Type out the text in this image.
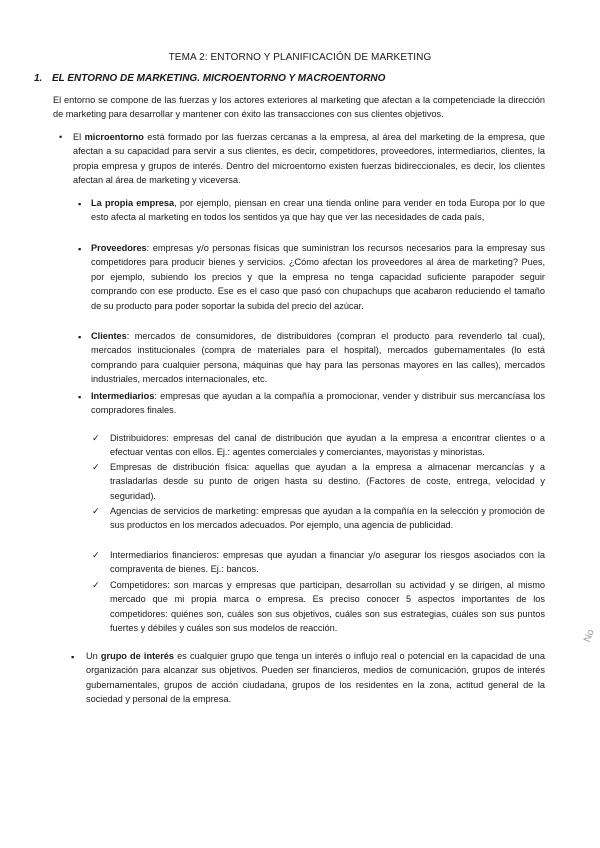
TEMA 2: ENTORNO Y PLANIFICACIÓN DE MARKETING
1. EL ENTORNO DE MARKETING. MICROENTORNO Y MACROENTORNO

El entorno se compone de las fuerzas y los actores exteriores al marketing que afectan a la competenciade la dirección de marketing para desarrollar y mantener con éxito las transacciones con sus clientes objetivos.

• El microentorno está formado por las fuerzas cercanas a la empresa, al área del marketing de la empresa, que afectan a su capacidad para servir a sus clientes, es decir, competidores, proveedores, intermediarios, clientes, la propia empresa y grupos de interés. Dentro del microentorno existen fuerzas bidireccionales, es decir, los clientes afectan al área de marketing y viceversa.

▪ La propia empresa, por ejemplo, piensan en crear una tienda online para vender en toda Europa por lo que esto afecta al marketing en todos los sentidos ya que hay que ver las necesidades de cada país,

▪ Proveedores: empresas y/o personas físicas que suministran los recursos necesarios para la empresay sus competidores para producir bienes y servicios. ¿Cómo afectan los proveedores al área de marketing? Pues, por ejemplo, subiendo los precios y que la empresa no tenga capacidad suficiente parapoder seguir comprando con ese producto. Ese es el caso que pasó con chupachups que acabaron reduciendo el tamaño de su producto para poder soportar la subida del precio del azúcar.

▪ Clientes: mercados de consumidores, de distribuidores (compran el producto para revenderlo tal cual), mercados institucionales (compra de materiales para el hospital), mercados gubernamentales (lo está comprando para cualquier persona, máquinas que hay para las personas mayores en las calles), mercados industriales, mercados internacionales, etc.

▪ Intermediarios: empresas que ayudan a la compañía a promocionar, vender y distribuir sus mercancíasa los compradores finales.

✓ Distribuidores: empresas del canal de distribución que ayudan a la empresa a encontrar clientes o a efectuar ventas con ellos. Ej.: agentes comerciales y comerciantes, mayoristas y minoristas.

✓ Empresas de distribución física: aquellas que ayudan a la empresa a almacenar mercancías y a trasladarlas desde su punto de origen hasta su destino. (Factores de coste, entrega, velocidad y seguridad).

✓ Agencias de servicios de marketing: empresas que ayudan a la compañía en la selección y promoción de sus productos en los mercados adecuados. Por ejemplo, una agencia de publicidad.

✓ Intermediarios financieros: empresas que ayudan a financiar y/o asegurar los riesgos asociados con la compraventa de bienes. Ej.: bancos.

✓ Competidores: son marcas y empresas que participan, desarrollan su actividad y se dirigen, al mismo mercado que mi propia marca o empresa. Es preciso conocer 5 aspectos importantes de los competidores: quiénes son, cuáles son sus objetivos, cuáles son sus estrategias, cuáles son sus puntos fuertes y débiles y cuáles son sus modelos de reacción.

▪ Un grupo de interés es cualquier grupo que tenga un interés o influjo real o potencial en la capacidad de una organización para alcanzar sus objetivos. Pueden ser financieros, medios de comunicación, grupos de interés gubernamentales, grupos de acción ciudadana, grupos de los residentes en la zona, actitud general de la sociedad y personal de la empresa.

No
